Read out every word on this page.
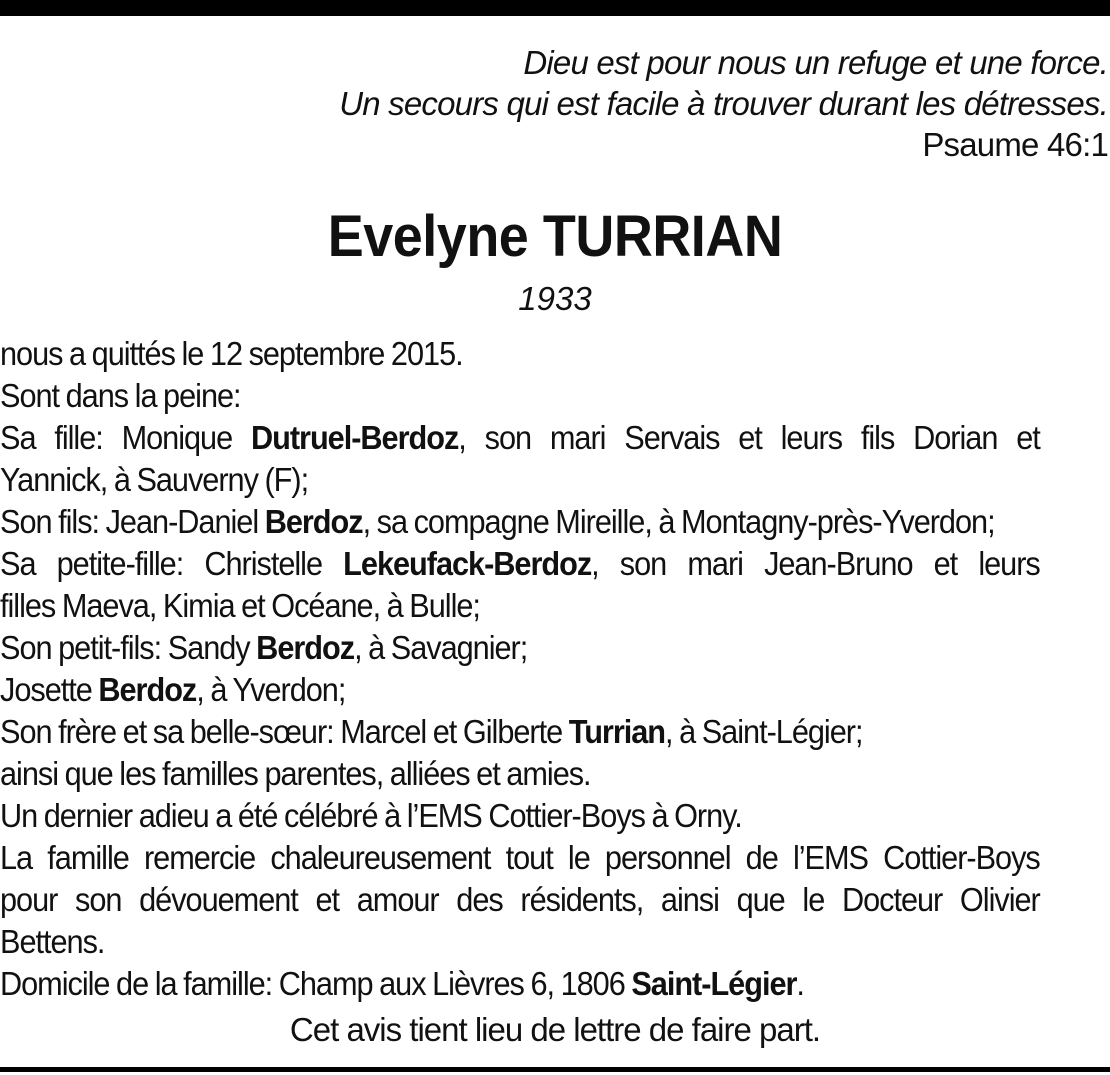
Dieu est pour nous un refuge et une force.
Un secours qui est facile à trouver durant les détresses.
Psaume 46:1
Evelyne TURRIAN
1933
nous a quittés le 12 septembre 2015.
Sont dans la peine:
Sa fille: Monique Dutruel-Berdoz, son mari Servais et leurs fils Dorian et
Yannick, à Sauverny (F);
Son fils: Jean-Daniel Berdoz, sa compagne Mireille, à Montagny-près-Yverdon;
Sa petite-fille: Christelle Lekeufack-Berdoz, son mari Jean-Bruno et leurs
filles Maeva, Kimia et Océane, à Bulle;
Son petit-fils: Sandy Berdoz, à Savagnier;
Josette Berdoz, à Yverdon;
Son frère et sa belle-sœur: Marcel et Gilberte Turrian, à Saint-Légier;
ainsi que les familles parentes, alliées et amies.
Un dernier adieu a été célébré à l’EMS Cottier-Boys à Orny.
La famille remercie chaleureusement tout le personnel de l’EMS Cottier-Boys
pour son dévouement et amour des résidents, ainsi que le Docteur Olivier
Bettens.
Domicile de la famille: Champ aux Lièvres 6, 1806 Saint-Légier.
Cet avis tient lieu de lettre de faire part.
